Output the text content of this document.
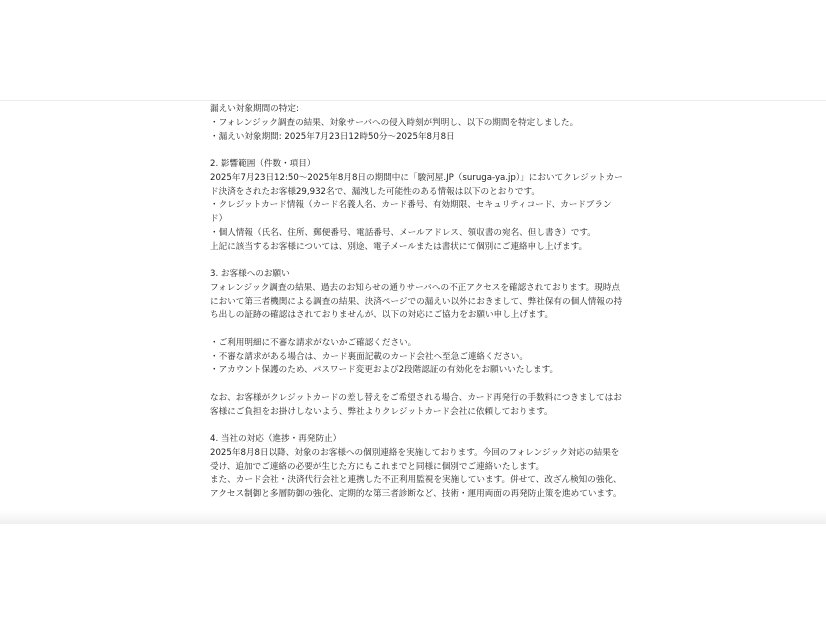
漏えい対象期間の特定:
・フォレンジック調査の結果、対象サーバへの侵入時刻が判明し、以下の期間を特定しました。
・漏えい対象期間: 2025年7月23日12時50分〜2025年8月8日
2. 影響範囲（件数・項目）
2025年7月23日12:50〜2025年8月8日の期間中に「駿河屋.JP（suruga-ya.jp）」においてクレジットカー
ド決済をされたお客様29,932名で、漏洩した可能性のある情報は以下のとおりです。
・クレジットカード情報（カード名義人名、カード番号、有効期限、セキュリティコード、カードブラン
ド）
・個人情報（氏名、住所、郵便番号、電話番号、メールアドレス、領収書の宛名、但し書き）です。
上記に該当するお客様については、別途、電子メールまたは書状にて個別にご連絡申し上げます。
3. お客様へのお願い
フォレンジック調査の結果、過去のお知らせの通りサーバへの不正アクセスを確認されております。現時点
において第三者機関による調査の結果、決済ページでの漏えい以外におきまして、弊社保有の個人情報の持
ち出しの証跡の確認はされておりませんが、以下の対応にご協力をお願い申し上げます。
・ご利用明細に不審な請求がないかご確認ください。
・不審な請求がある場合は、カード裏面記載のカード会社へ至急ご連絡ください。
・アカウント保護のため、パスワード変更および2段階認証の有効化をお願いいたします。
なお、お客様がクレジットカードの差し替えをご希望される場合、カード再発行の手数料につきましてはお
客様にご負担をお掛けしないよう、弊社よりクレジットカード会社に依頼しております。
4. 当社の対応（進捗・再発防止）
2025年8月8日以降、対象のお客様への個別連絡を実施しております。今回のフォレンジック対応の結果を
受け、追加でご連絡の必要が生じた方にもこれまでと同様に個別でご連絡いたします。
また、カード会社・決済代行会社と連携した不正利用監視を実施しています。併せて、改ざん検知の強化、
アクセス制御と多層防御の強化、定期的な第三者診断など、技術・運用両面の再発防止策を進めています。
